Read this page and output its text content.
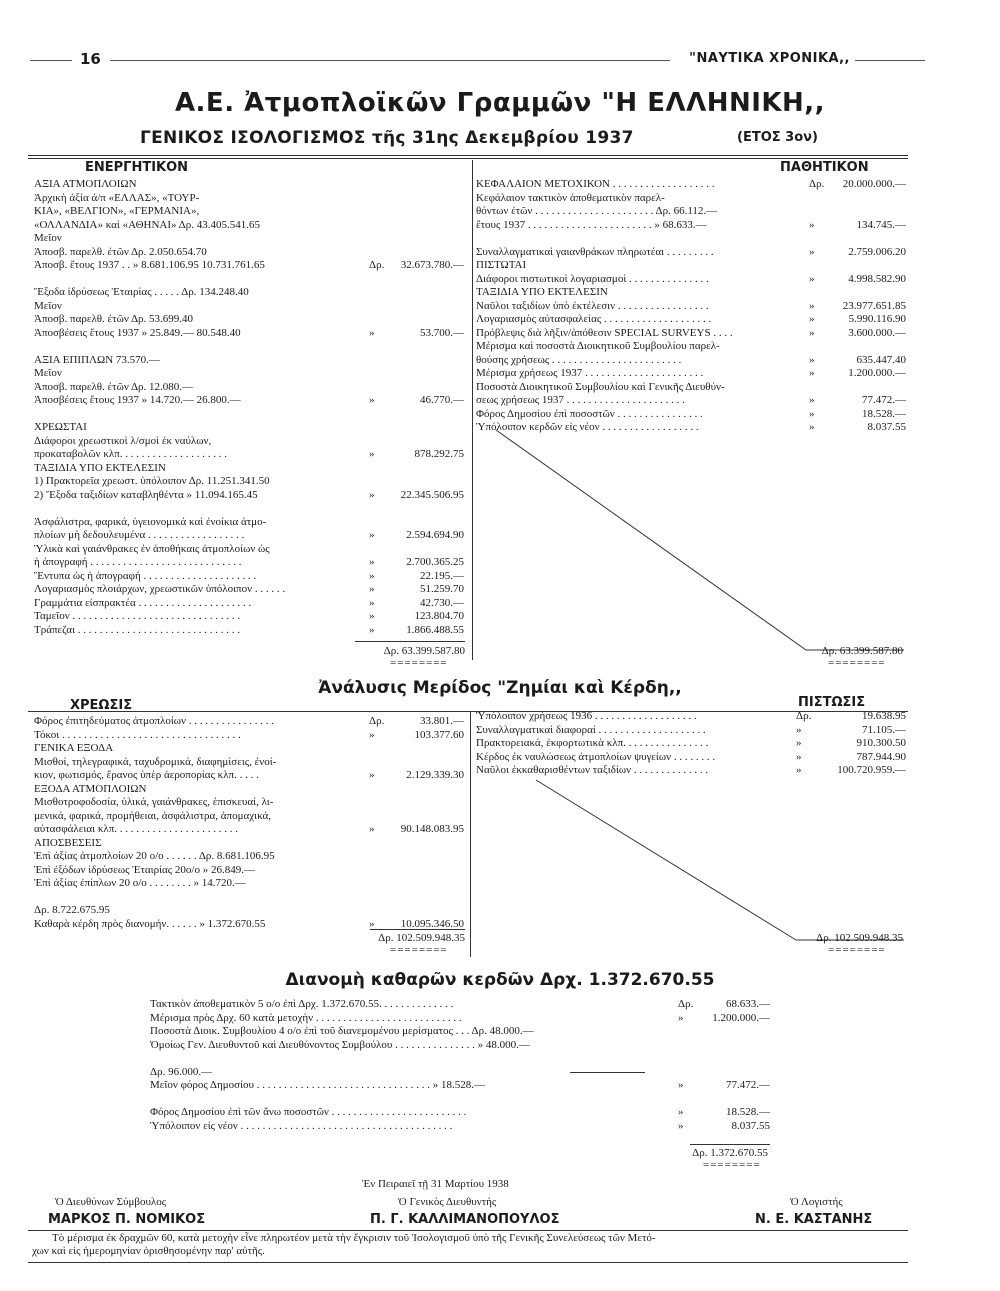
16	"ΝΑΥΤΙΚΑ ΧΡΟΝΙΚΑ,,
Α.Ε. Ἀτμοπλοϊκῶν Γραμμῶν "Η ΕΛΛΗΝΙΚΗ,,
ΓΕΝΙΚΟΣ ΙΣΟΛΟΓΙΣΜΟΣ τῆς 31ης Δεκεμβρίου 1937	(ΕΤΟΣ 3ον)
ΕΝΕΡΓΗΤΙΚΟΝ	ΠΑΘΗΤΙΚΟΝ
ΑΞΙΑ ΑΤΜΟΠΛΟΙΩΝ
Ἀρχικὴ ἀξία ἀ/π «ΕΛΛΑΣ», «ΤΟΥΡ-
ΚΙΑ», «ΒΕΛΓΙΟΝ», «ΓΕΡΜΑΝΙΑ»,
«ΟΛΛΑΝΔΙΑ» καὶ «ΑΘΗΝΑΙ» Δρ. 43.405.541.65
Μεῖον
Ἀποσβ. παρελθ. ἐτῶν Δρ. 2.050.654.70
Ἀποσβ. ἔτους 1937 . . » 8.681.106.95 10.731.761.65	Δρ. 32.673.780.—
Ἔξοδα ἱδρύσεως Ἑταιρίας . . . . . Δρ. 134.248.40
Μεῖον
Ἀποσβ. παρελθ. ἐτῶν Δρ. 53.699.40
Ἀποσβέσεις ἔτους 1937 » 25.849.— 80.548.40	»	53.700.—
ΑΞΙΑ ΕΠΙΠΛΩΝ 73.570.—
Μεῖον
Ἀποσβ. παρελθ. ἐτῶν Δρ. 12.080.—
Ἀποσβέσεις ἔτους 1937 » 14.720.— 26.800.—	»	46.770.—
ΧΡΕΩΣΤΑΙ
Διάφοροι χρεωστικοὶ λ/σμοὶ ἐκ ναύλων,
προκαταβολῶν κλπ. . . . . . . . . . . . . . . . . . . .	»	878.292.75
ΤΑΞΙΔΙΑ ΥΠΟ ΕΚΤΕΛΕΣΙΝ
1) Πρακτορεῖα χρεωστ. ὑπόλοιπον Δρ. 11.251.341.50
2) Ἔξοδα ταξιδίων καταβληθέντα » 11.094.165.45	» 22.345.506.95
Ἀσφάλιστρα, φαρικά, ὑγειονομικά καὶ ἐνοίκια ἀτμο-
πλοίων μὴ δεδουλευμένα . . . . . . . . . . . . . . . . . .	»	2.594.694.90
Ὑλικὰ καὶ γαιάνθρακες ἐν ἀποθήκαις ἀτμοπλοίων ὡς
ἡ ἀπογραφή . . . . . . . . . . . . . . . . . . . . . . . . . . . .	»	2.700.365.25
Ἔντυπα ὡς ἡ ἀπογραφή . . . . . . . . . . . . . . . . . . . . .	»	22.195.—
Λογαριασμὸς πλοιάρχων, χρεωστικῶν ὑπόλοιπον . . . . . .	»	51.259.70
Γραμμάτια εἰσπρακτέα . . . . . . . . . . . . . . . . . . . . .	»	42.730.—
Ταμεῖον . . . . . . . . . . . . . . . . . . . . . . . . . . . . . . .	»	123.804.70
Τράπεζαι . . . . . . . . . . . . . . . . . . . . . . . . . . . . . .	»	1.866.488.55
ΚΕΦΑΛΑΙΟΝ ΜΕΤΟΧΙΚΟΝ . . . . . . . . . . . . . . . . . . .	Δρ. 20.000.000.—
Κεφάλαιον τακτικὸν ἀποθεματικὸν παρελ-
θόντων ἐτῶν . . . . . . . . . . . . . . . . . . . . . . Δρ. 66.112.—
ἔτους 1937 . . . . . . . . . . . . . . . . . . . . . . . » 68.633.—	»	134.745.—
Συναλλαγματικαὶ γαιανθράκων πληρωτέαι . . . . . . . . .	»	2.759.006.20
ΠΙΣΤΩΤΑΙ
Διάφοροι πιστωτικοὶ λογαριασμοὶ . . . . . . . . . . . . . . .	»	4.998.582.90
ΤΑΞΙΔΙΑ ΥΠΟ ΕΚΤΕΛΕΣΙΝ
Ναῦλοι ταξιδίων ὑπὸ ἐκτέλεσιν . . . . . . . . . . . . . . . . .	»	23.977.651.85
Λογαριασμὸς αὐτασφαλείας . . . . . . . . . . . . . . . . . . . .	»	5.990.116.90
Πρόβλεψις διὰ λῆξιν/ἀπόθεσιν SPECIAL SURVEYS . . . .	»	3.600.000.—
Μέρισμα καὶ ποσοστὰ Διοικητικοῦ Συμβουλίου παρελ-
θούσης χρήσεως . . . . . . . . . . . . . . . . . . . . . . . .	»	635.447.40
Μέρισμα χρήσεως 1937 . . . . . . . . . . . . . . . . . . . . . .	»	1.200.000.—
Ποσοστὰ Διοικητικοῦ Συμβουλίου καὶ Γενικῆς Διευθύν-
σεως χρήσεως 1937 . . . . . . . . . . . . . . . . . . . . . .	»	77.472.—
Φόρος Δημοσίου ἐπὶ ποσοστῶν . . . . . . . . . . . . . . . .	»	18.528.—
Ὑπόλοιπον κερδῶν εἰς νέον . . . . . . . . . . . . . . . . . .	»	8.037.55
Δρ. 63.399.587.80
========
Δρ. 63.399.587.80
========
Ἀνάλυσις Μερίδος "Ζημίαι καὶ Κέρδη,,
ΧΡΕΩΣΙΣ	ΠΙΣΤΩΣΙΣ
Φόρος ἐπιτηδεύματος ἀτμοπλοίων . . . . . . . . . . . . . . . .	Δρ.	33.801.—
Τόκοι . . . . . . . . . . . . . . . . . . . . . . . . . . . . . . . . .	»	103.377.60
ΓΕΝΙΚΑ ΕΞΟΔΑ
Μισθοί, τηλεγραφικά, ταχυδρομικά, διαφημίσεις, ἐνοί-
κιον, φωτισμός, ἔρανος ὑπὲρ ἀεροπορίας κλπ. . . . .	»	2.129.339.30
ΕΞΟΔΑ ΑΤΜΟΠΛΟΙΩΝ
Μισθοτροφοδοσία, ὑλικά, γαιάνθρακες, ἐπισκευαί, λι-
μενικά, φαρικά, προμήθειαι, ἀσφάλιστρα, ἀπομαχικά,
αὐτασφάλειαι κλπ. . . . . . . . . . . . . . . . . . . . . . .	» 90.148.083.95
ΑΠΟΣΒΕΣΕΙΣ
Ἐπὶ ἀξίας ἀτμοπλοίων 20 ο/ο . . . . . . Δρ. 8.681.106.95
Ἐπὶ ἐξόδων ἱδρύσεως Ἑταιρίας 20ο/ο » 26.849.—
Ἐπὶ ἀξίας ἐπίπλων 20 ο/ο . . . . . . . . » 14.720.—
Δρ. 8.722.675.95
Καθαρὰ κέρδη πρὸς διανομήν. . . . . . » 1.372.670.55	» 10.095.346.50
Ὑπόλοιπον χρήσεως 1936 . . . . . . . . . . . . . . . . . . .	Δρ.	19.638.95
Συναλλαγματικαὶ διαφοραί . . . . . . . . . . . . . . . . . . . .	»	71.105.—
Πρακτορειακά, ἐκφορτωτικὰ κλπ. . . . . . . . . . . . . . . .	»	910.300.50
Κέρδος ἐκ ναυλώσεως ἀτμοπλοίων ψυγείων . . . . . . . .	»	787.944.90
Ναῦλοι ἐκκαθαρισθέντων ταξιδίων . . . . . . . . . . . . . .	»	100.720.959.—
Δρ. 102.509.948.35
========
Δρ. 102.509.948.35
========
Διανομὴ καθαρῶν κερδῶν Δρχ. 1.372.670.55
Τακτικὸν ἀποθεματικὸν 5 ο/ο ἐπὶ Δρχ. 1.372.670.55. . . . . . . . . . . . . .	Δρ.	68.633.—
Μέρισμα πρὸς Δρχ. 60 κατὰ μετοχὴν . . . . . . . . . . . . . . . . . . . . . . . . . . .	»	1.200.000.—
Ποσοστὰ Διοικ. Συμβουλίου 4 ο/ο ἐπὶ τοῦ διανεμομένου μερίσματος . . . Δρ. 48.000.—
Ὁμοίως Γεν. Διευθυντοῦ καὶ Διευθύνοντος Συμβούλου . . . . . . . . . . . . . . . » 48.000.—
Δρ. 96.000.—
Μεῖον φόρος Δημοσίου . . . . . . . . . . . . . . . . . . . . . . . . . . . . . . . . » 18.528.—	»	77.472.—
Φόρος Δημοσίου ἐπὶ τῶν ἄνω ποσοστῶν . . . . . . . . . . . . . . . . . . . . . . . . .	»	18.528.—
Ὑπόλοιπον εἰς νέον . . . . . . . . . . . . . . . . . . . . . . . . . . . . . . . . . . . . . . .	»	8.037.55
Δρ. 1.372.670.55
========
Ἐν Πειραιεῖ τῇ 31 Μαρτίου 1938
Ὁ Διευθύνων Σύμβουλος
ΜΑΡΚΟΣ Π. ΝΟΜΙΚΟΣ
Ὁ Γενικὸς Διευθυντής
Π. Γ. ΚΑΛΛΙΜΑΝΟΠΟΥΛΟΣ
Ὁ Λογιστής
Ν. Ε. ΚΑΣΤΑΝΗΣ
Τὸ μέρισμα ἐκ δραχμῶν 60, κατὰ μετοχὴν εἶνε πληρωτέον μετὰ τὴν ἔγκρισιν τοῦ Ἰσολογισμοῦ ὑπὸ τῆς Γενικῆς Συνελεύσεως τῶν Μετό-
χων καὶ εἰς ἡμερομηνίαν ὁρισθησομένην παρ' αὐτῆς.
